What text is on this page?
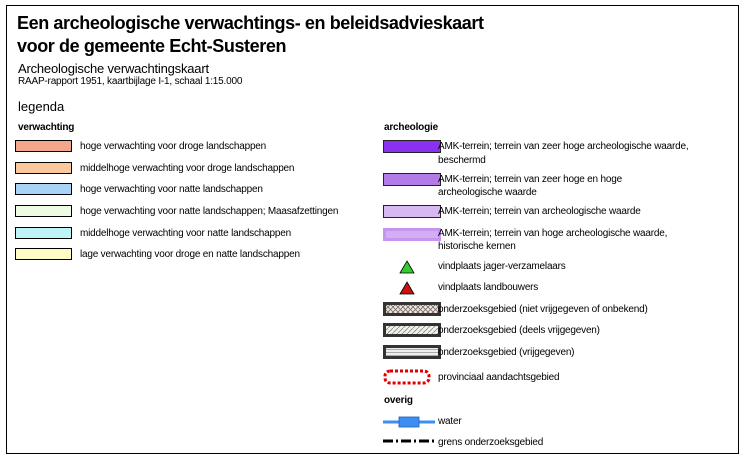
Een archeologische verwachtings- en beleidsadvieskaart
voor de gemeente Echt-Susteren
Archeologische verwachtingskaart
RAAP-rapport 1951, kaartbijlage I-1, schaal 1:15.000
legenda
verwachting
hoge verwachting voor droge landschappen
middelhoge verwachting voor droge landschappen
hoge verwachting voor natte landschappen
hoge verwachting voor natte landschappen; Maasafzettingen
middelhoge verwachting voor natte landschappen
lage verwachting voor droge en natte landschappen
archeologie
AMK-terrein; terrein van zeer hoge archeologische waarde,
beschermd
AMK-terrein; terrein van zeer hoge en hoge
archeologische waarde
AMK-terrein; terrein van archeologische waarde
AMK-terrein; terrein van hoge archeologische waarde,
historische kernen
vindplaats jager-verzamelaars
vindplaats landbouwers
onderzoeksgebied (niet vrijgegeven of onbekend)
onderzoeksgebied (deels vrijgegeven)
onderzoeksgebied (vrijgegeven)
provinciaal aandachtsgebied
overig
water
grens onderzoeksgebied
